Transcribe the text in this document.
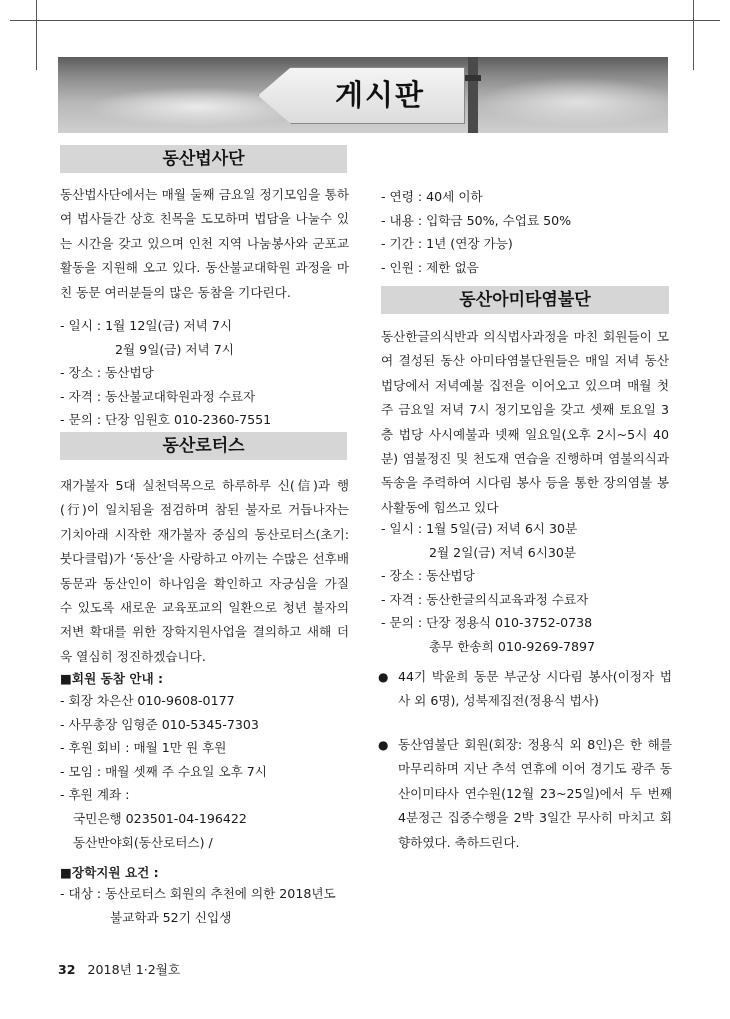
게시판
동산법사단

동산법사단에서는 매월 둘째 금요일 정기모임을 통하여 법사들간 상호 친목을 도모하며 법담을 나눌수 있는 시간을 갖고 있으며 인천 지역 나눔봉사와 군포교 활동을 지원해 오고 있다. 동산불교대학원 과정을 마친 동문 여러분들의 많은 동참을 기다린다.

- 일시 : 1월 12일(금) 저녁 7시
2월 9일(금) 저녁 7시
- 장소 : 동산법당
- 자격 : 동산불교대학원과정 수료자
- 문의 : 단장 임원호 010-2360-7551
동산로터스

재가불자 5대 실천덕목으로 하루하루 신(信)과 행(行)이 일치됨을 점검하며 참된 불자로 거듭나자는 기치아래 시작한 재가불자 중심의 동산로터스(초기:붓다클럽)가 ‘동산’을 사랑하고 아끼는 수많은 선후배 동문과 동산인이 하나임을 확인하고 자긍심을 가질 수 있도록 새로운 교육포교의 일환으로 청년 불자의 저변 확대를 위한 장학지원사업을 결의하고 새해 더욱 열심히 정진하겠습니다.

■회원 동참 안내 :
- 회장 차은산 010-9608-0177
- 사무총장 임형준 010-5345-7303
- 후원 회비 : 매월 1만 원 후원
- 모임 : 매월 셋째 주 수요일 오후 7시
- 후원 계좌 :
국민은행 023501-04-196422
동산반야회(동산로터스) /
■장학지원 요건 :
- 대상 : 동산로터스 회원의 추천에 의한 2018년도
불교학과 52기 신입생
- 연령 : 40세 이하
- 내용 : 입학금 50%, 수업료 50%
- 기간 : 1년 (연장 가능)
- 인원 : 제한 없음
동산아미타염불단

동산한글의식반과 의식법사과정을 마친 회원들이 모여 결성된 동산 아미타염불단원들은 매일 저녁 동산법당에서 저녁예불 집전을 이어오고 있으며 매월 첫 주 금요일 저녁 7시 정기모임을 갖고 셋째 토요일 3층 법당 사시예불과 넷째 일요일(오후 2시~5시 40분) 염불정진 및 천도재 연습을 진행하며 염불의식과 독송을 주력하여 시다림 봉사 등을 통한 장의염불 봉사활동에 힘쓰고 있다

- 일시 : 1월 5일(금) 저녁 6시 30분
2월 2일(금) 저녁 6시30분
- 장소 : 동산법당
- 자격 : 동산한글의식교육과정 수료자
- 문의 : 단장 정용식 010-3752-0738
총무 한송희 010-9269-7897
● 44기 박윤희 동문 부군상 시다림 봉사(이정자 법사 외 6명), 성북제집전(정용식 법사)
● 동산염불단 회원(회장: 정용식 외 8인)은 한 해를 마무리하며 지난 추석 연휴에 이어 경기도 광주 동산이미타사 연수원(12월 23~25일)에서 두 번째 4분정근 집중수행을 2박 3일간 무사히 마치고 회향하였다. 축하드린다.
32 2018년 1·2월호
